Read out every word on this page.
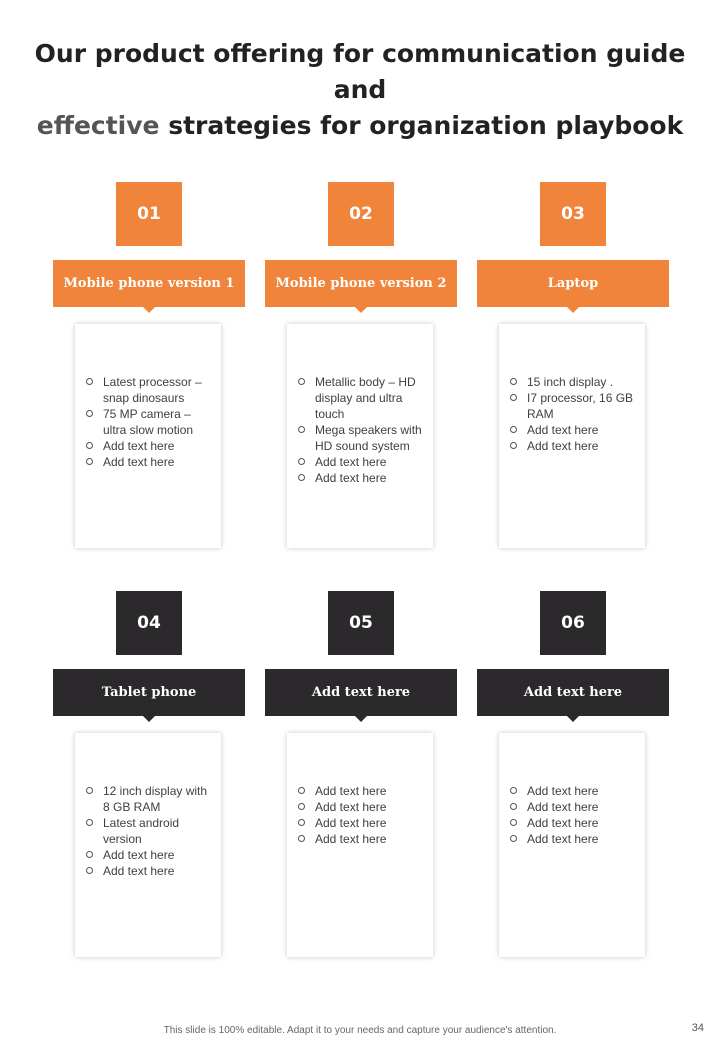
Our product offering for communication guide and
effective strategies for organization playbook
01
Mobile phone version 1
Latest processor – snap dinosaurs
75 MP camera – ultra slow motion
Add text here
Add text here
02
Mobile phone version 2
Metallic body – HD display and ultra touch
Mega speakers with HD sound system
Add text here
Add text here
03
Laptop
15 inch display .
I7 processor, 16 GB RAM
Add text here
Add text here
04
Tablet phone
12 inch display with 8 GB RAM
Latest android version
Add text here
Add text here
05
Add text here
Add text here
Add text here
Add text here
Add text here
06
Add text here
Add text here
Add text here
Add text here
Add text here
This slide is 100% editable. Adapt it to your needs and capture your audience's attention.	34
